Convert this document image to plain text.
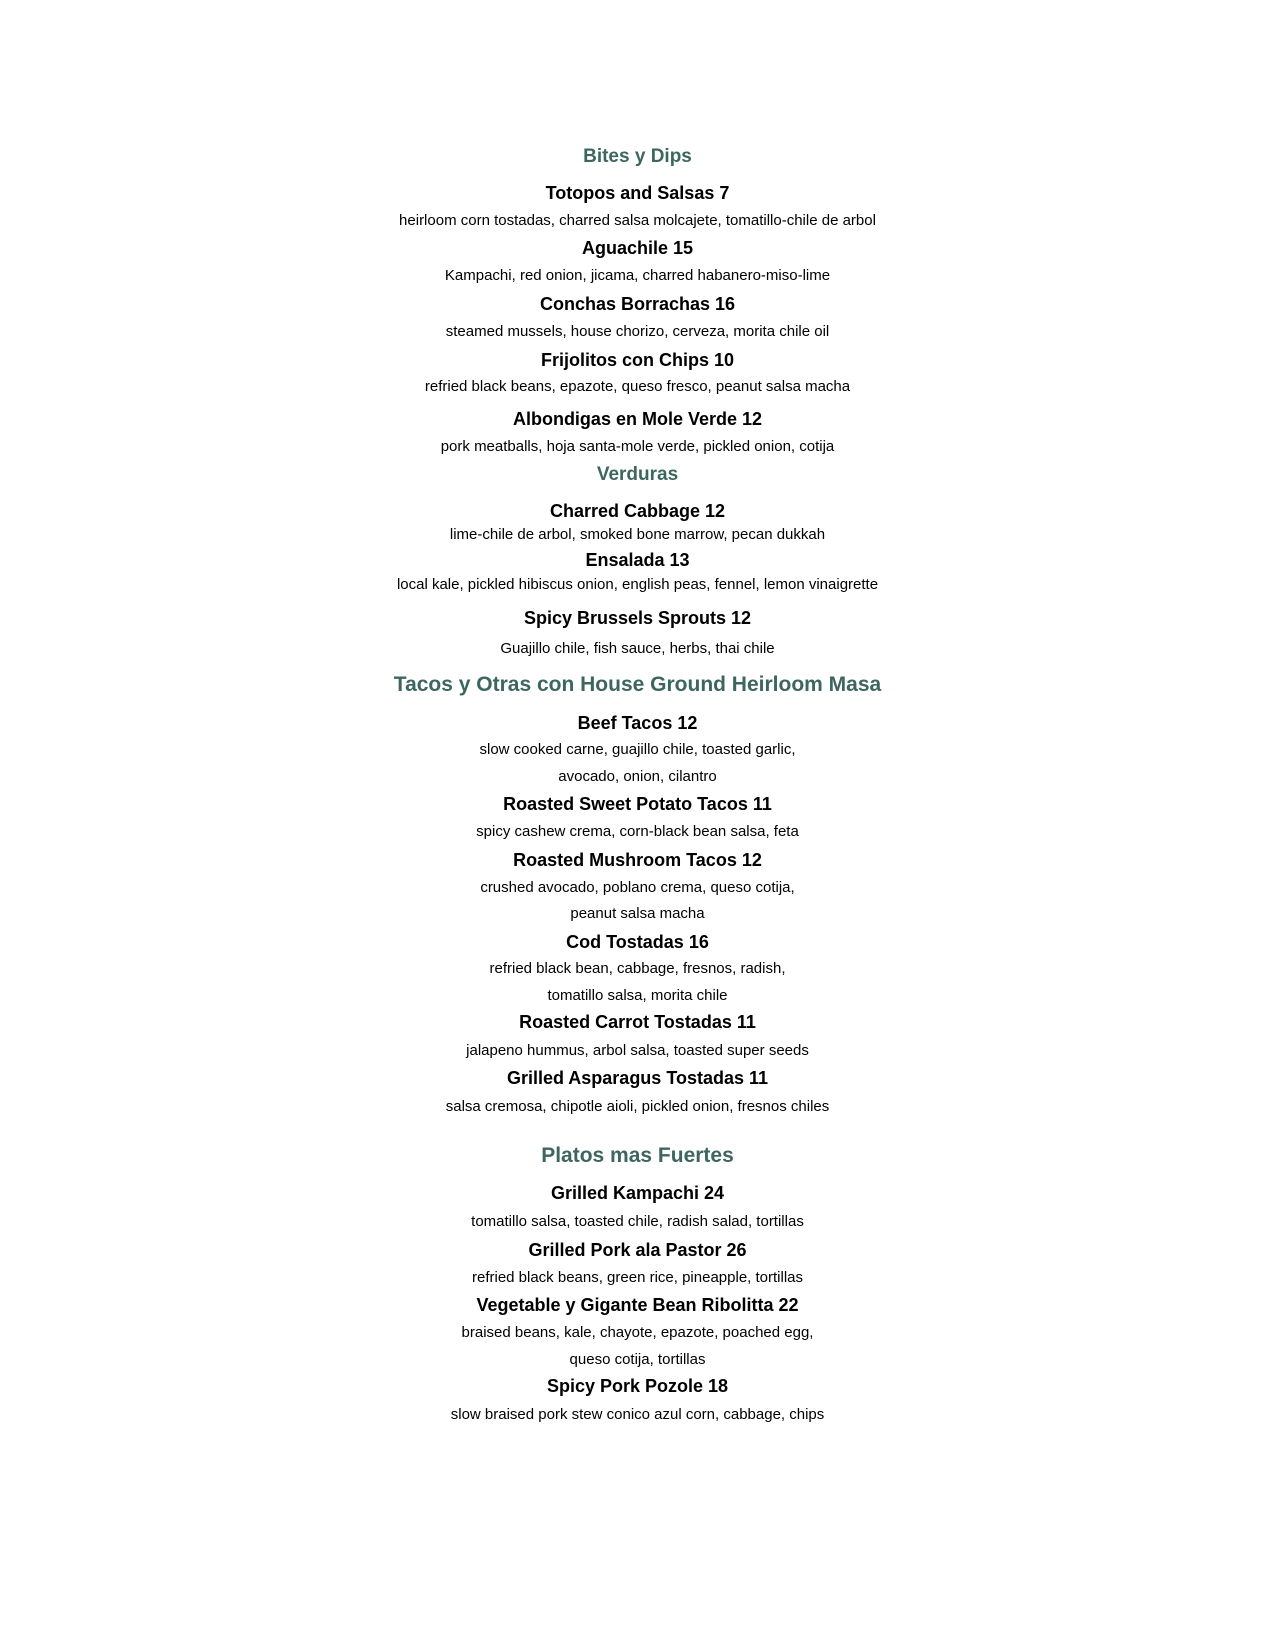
Bites y Dips
Totopos and Salsas 7
heirloom corn tostadas, charred salsa molcajete, tomatillo-chile de arbol
Aguachile 15
Kampachi, red onion, jicama, charred habanero-miso-lime
Conchas Borrachas 16
steamed mussels, house chorizo, cerveza, morita chile oil
Frijolitos con Chips 10
refried black beans, epazote, queso fresco, peanut salsa macha
Albondigas en Mole Verde 12
pork meatballs, hoja santa-mole verde, pickled onion, cotija
Verduras
Charred Cabbage 12
lime-chile de arbol, smoked bone marrow, pecan dukkah
Ensalada 13
local kale, pickled hibiscus onion, english peas, fennel, lemon vinaigrette
Spicy Brussels Sprouts 12
Guajillo chile, fish sauce, herbs, thai chile
Tacos y Otras con House Ground Heirloom Masa
Beef Tacos 12
slow cooked carne, guajillo chile, toasted garlic,
avocado, onion, cilantro
Roasted Sweet Potato Tacos 11
spicy cashew crema, corn-black bean salsa, feta
Roasted Mushroom Tacos 12
crushed avocado, poblano crema, queso cotija,
peanut salsa macha
Cod Tostadas 16
refried black bean, cabbage, fresnos, radish,
tomatillo salsa, morita chile
Roasted Carrot Tostadas 11
jalapeno hummus, arbol salsa, toasted super seeds
Grilled Asparagus Tostadas 11
salsa cremosa, chipotle aioli, pickled onion, fresnos chiles
Platos mas Fuertes
Grilled Kampachi 24
tomatillo salsa, toasted chile, radish salad, tortillas
Grilled Pork ala Pastor 26
refried black beans, green rice, pineapple, tortillas
Vegetable y Gigante Bean Ribolitta 22
braised beans, kale, chayote, epazote, poached egg,
queso cotija, tortillas
Spicy Pork Pozole 18
slow braised pork stew conico azul corn, cabbage, chips
